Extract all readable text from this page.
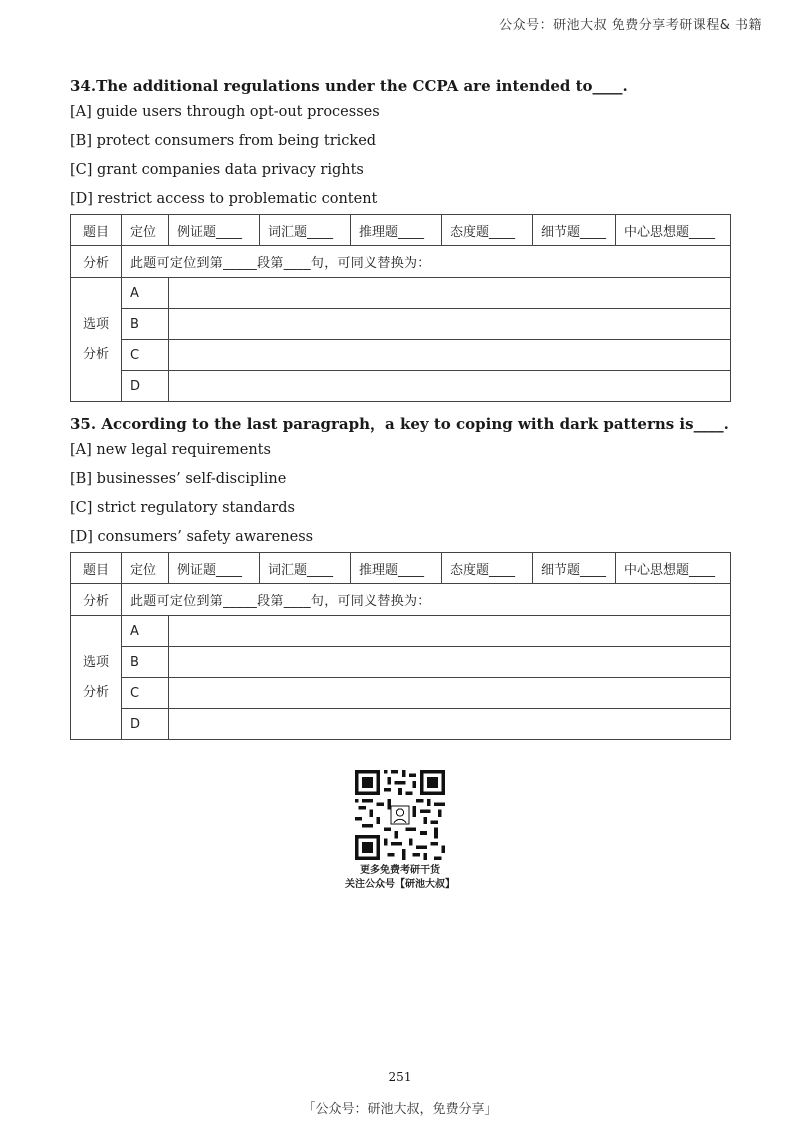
公众号：研池大叔 免费分享考研课程& 书籍

34.The additional regulations under the CCPA are intended to____.

[A] guide users through opt-out processes

[B] protect consumers from being tricked

[C] grant companies data privacy rights

[D] restrict access to problematic content

题目	定位	例证题____	词汇题____	推理题____	态度题____	细节题____	中心思想题____
分析	此题可定位到第_____段第____句，可同义替换为：						

选项
分析	A						
	B						
	C						
	D						

35. According to the last paragraph，a key to coping with dark patterns is____.

[A] new legal requirements

[B] businesses’ self-discipline

[C] strict regulatory standards

[D] consumers’ safety awareness

题目	定位	例证题____	词汇题____	推理题____	态度题____	细节题____	中心思想题____
分析	此题可定位到第_____段第____句，可同义替换为：						

选项
分析	A						
	B						
	C						
	D						
更多免费考研干货
关注公众号【研池大叔】
251
「公众号：研池大叔，免费分享」
